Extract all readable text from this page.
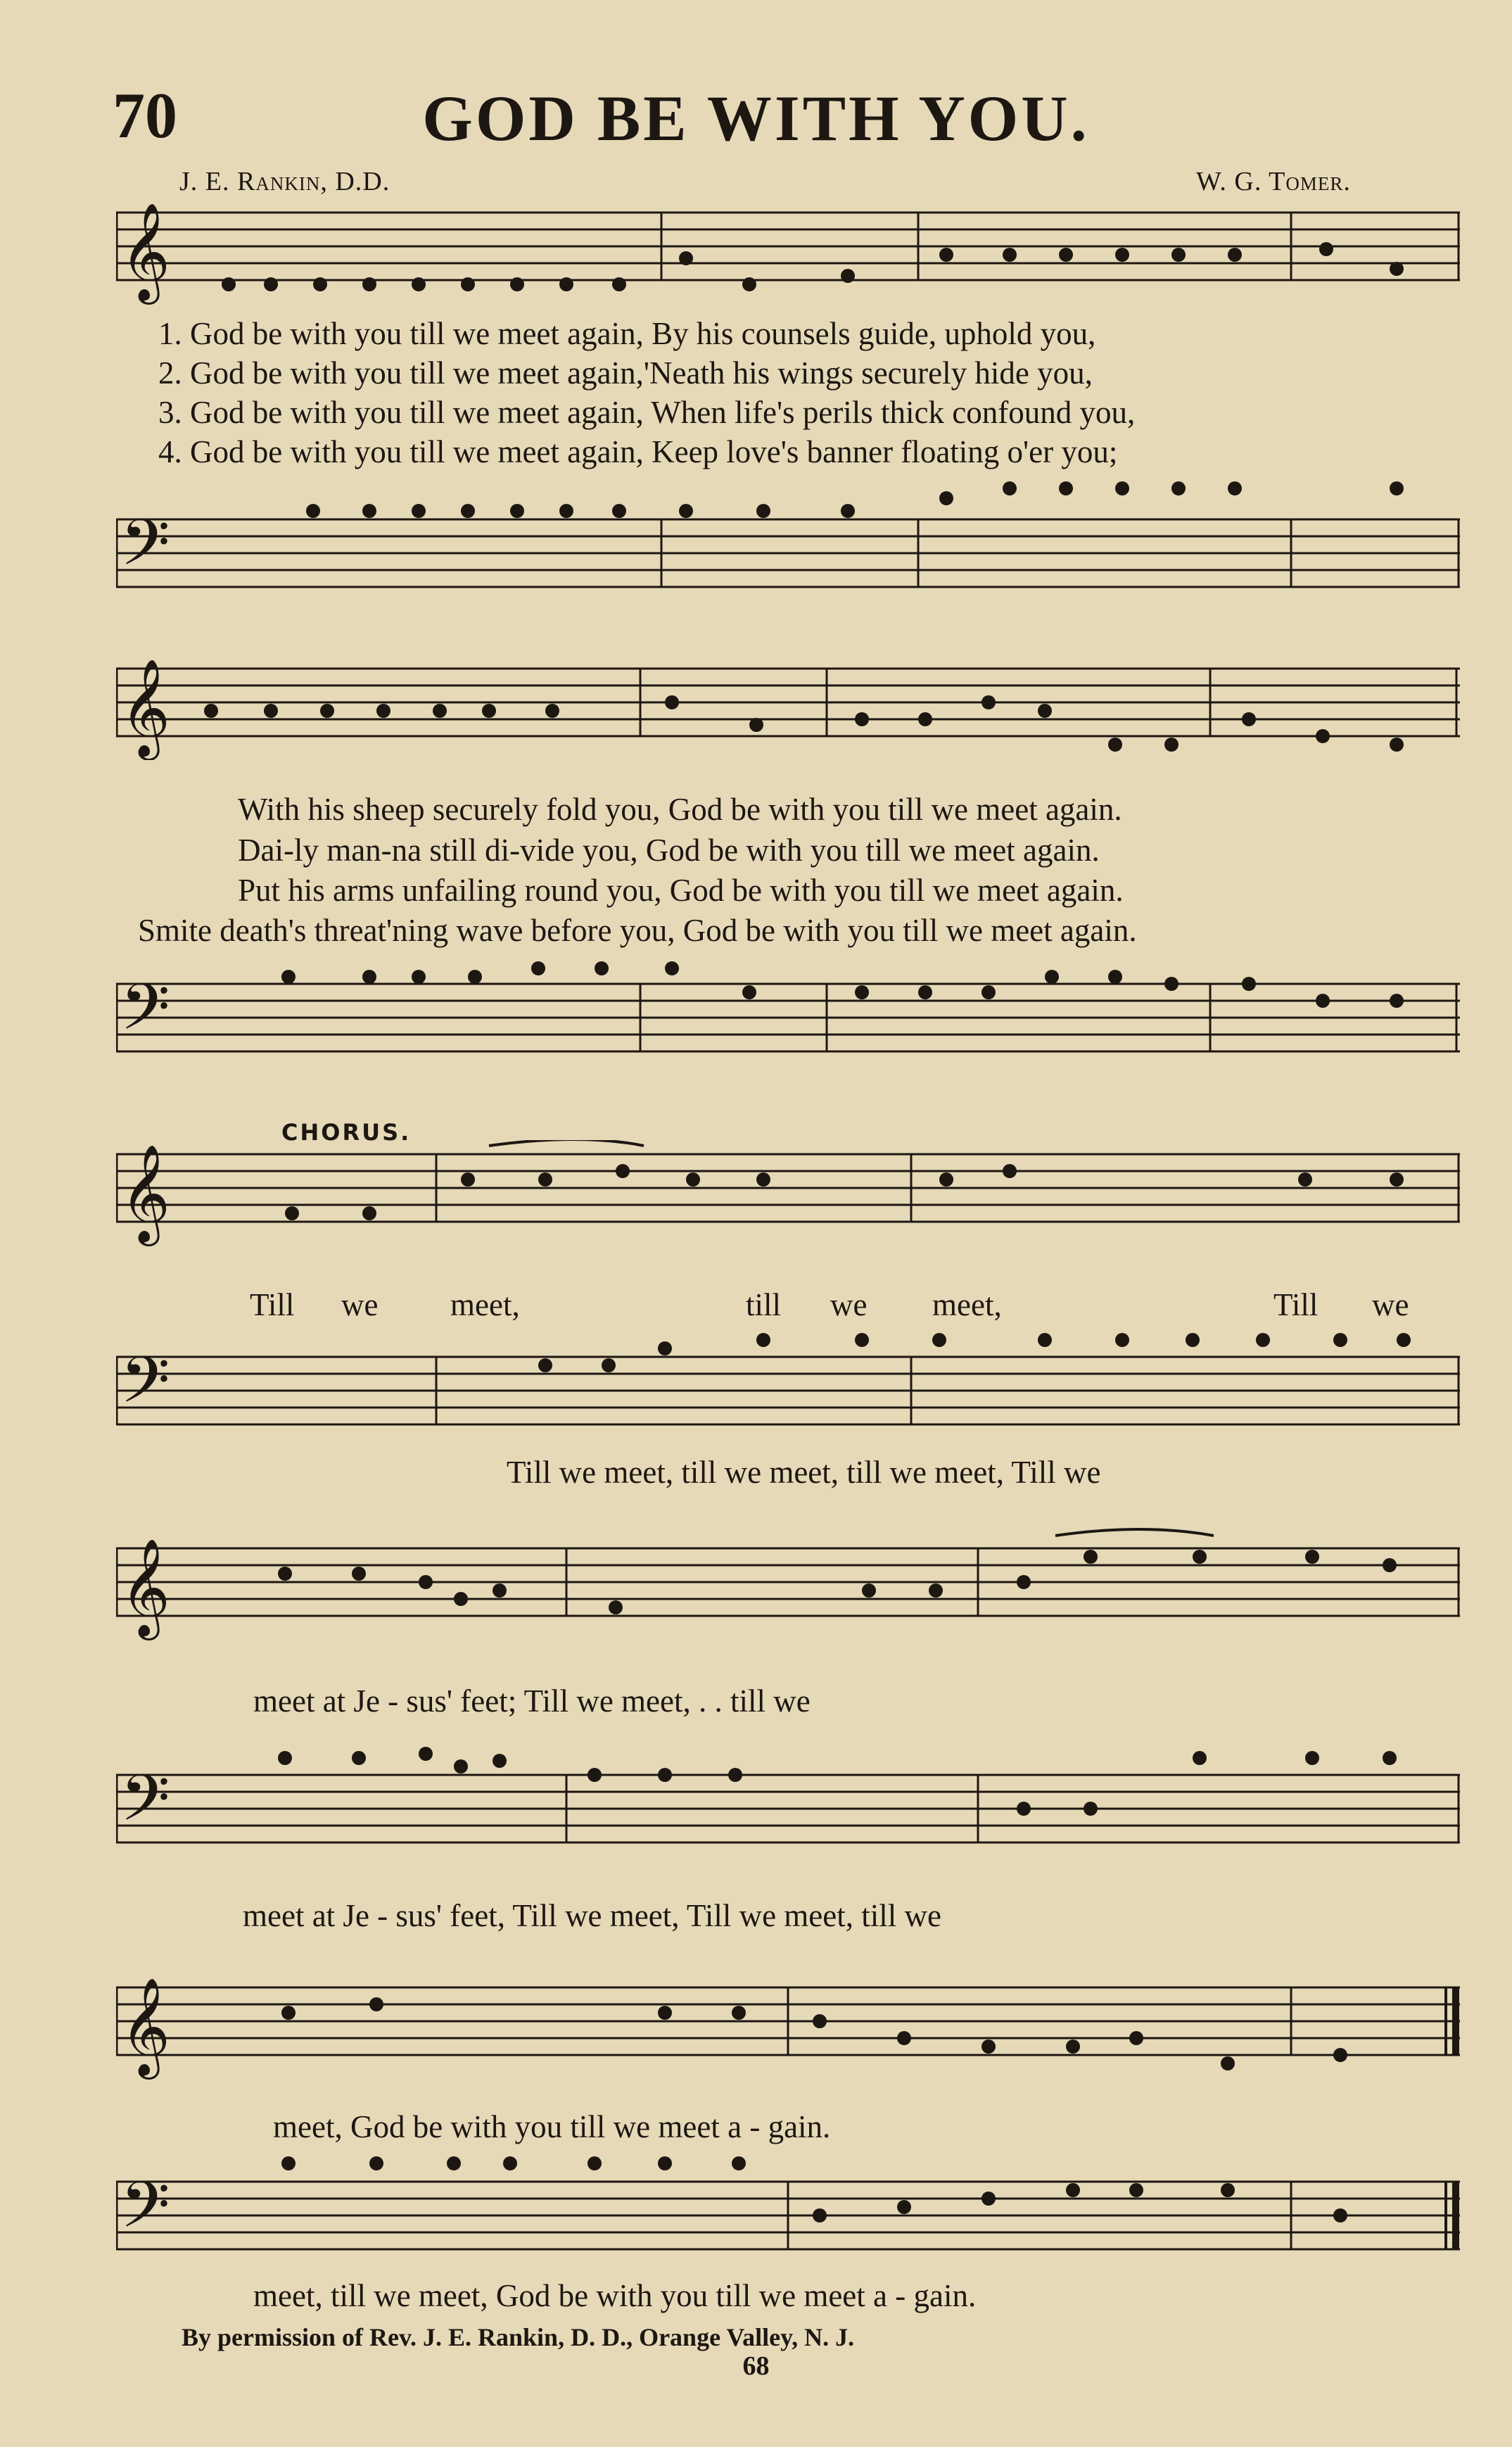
70	GOD BE WITH YOU.
J. E. Rankin, D.D.	W. G. Tomer.
𝄞
1. God be with you till we meet again, By his counsels guide, uphold you,
2. God be with you till we meet again,'Neath his wings securely hide you,
3. God be with you till we meet again, When life's perils thick confound you,
4. God be with you till we meet again, Keep love's banner floating o'er you;
𝄢
𝄞
With his sheep securely fold you, God be with you till we meet again.
Dai-ly man-na still di-vide you, God be with you till we meet again.
Put his arms unfailing round you, God be with you till we meet again.
Smite death's threat'ning wave before you, God be with you till we meet again.
𝄢
CHORUS.
𝄞
Till we meet,	till we meet,	Till we
𝄢
Till we meet, till we meet, till we meet, Till we
𝄞
meet at Je - sus' feet; Till we meet, . . till we
𝄢
meet at Je - sus' feet, Till we meet, Till we meet, till we
𝄞
meet, God be with you till we meet a - gain.
𝄢
meet, till we meet, God be with you till we meet a - gain.
By permission of Rev. J. E. Rankin, D. D., Orange Valley, N. J.
68
